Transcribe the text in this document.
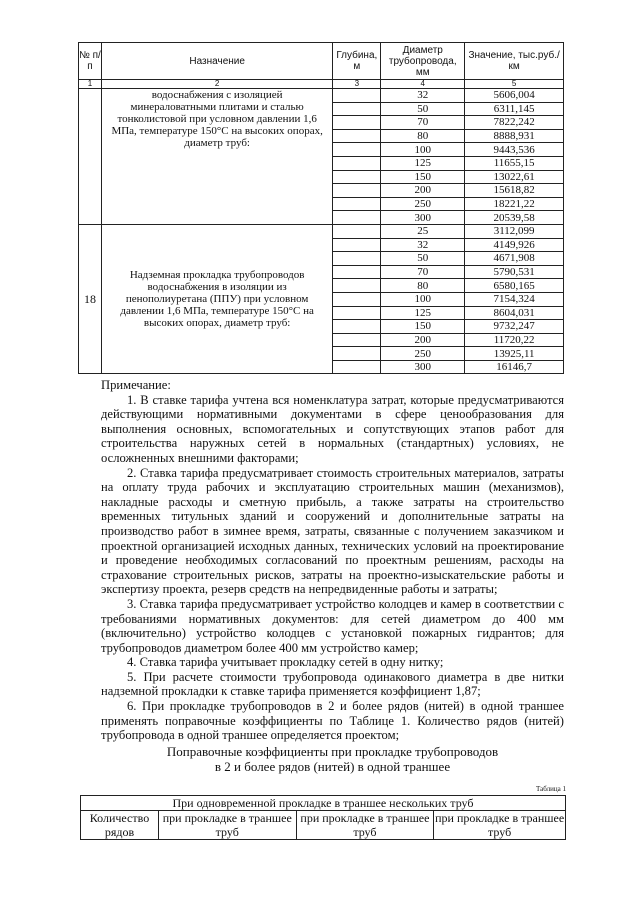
№ п/п	Назначение	Глубина, м	Диаметр трубопровода, мм	Значение, тыс.руб./км
1	2	3	4	5
	водоснабжения с изоляцией минераловатными плитами и сталью тонколистовой при условном давлении 1,6 МПа, температуре 150°С на высоких опорах, диаметр труб:		32	5606,004
			50	6311,145
			70	7822,242
			80	8888,931
			100	9443,536
			125	11655,15
			150	13022,61
			200	15618,82
			250	18221,22
			300	20539,58
18	Надземная прокладка трубопроводов водоснабжения в изоляции из пенополиуретана (ППУ) при условном давлении 1,6 МПа, температуре 150°С на высоких опорах, диаметр труб:		25	3112,099
			32	4149,926
			50	4671,908
			70	5790,531
			80	6580,165
			100	7154,324
			125	8604,031
			150	9732,247
			200	11720,22
			250	13925,11
			300	16146,7

Примечание:

1. В ставке тарифа учтена вся номенклатура затрат, которые предусматриваются действующими нормативными документами в сфере ценообразования для выполнения основных, вспомогательных и сопутствующих этапов работ для строительства наружных сетей в нормальных (стандартных) условиях, не осложненных внешними факторами;

2. Ставка тарифа предусматривает стоимость строительных материалов, затраты на оплату труда рабочих и эксплуатацию строительных машин (механизмов), накладные расходы и сметную прибыль, а также затраты на строительство временных титульных зданий и сооружений и дополнительные затраты на производство работ в зимнее время, затраты, связанные с получением заказчиком и проектной организацией исходных данных, технических условий на проектирование и проведение необходимых согласований по проектным решениям, расходы на страхование строительных рисков, затраты на проектно-изыскательские работы и экспертизу проекта, резерв средств на непредвиденные работы и затраты;

3. Ставка тарифа предусматривает устройство колодцев и камер в соответствии с требованиями нормативных документов: для сетей диаметром до 400 мм (включительно) устройство колодцев с установкой пожарных гидрантов; для трубопроводов диаметром более 400 мм устройство камер;

4. Ставка тарифа учитывает прокладку сетей в одну нитку;

5. При расчете стоимости трубопровода одинакового диаметра в две нитки надземной прокладки к ставке тарифа применяется коэффициент 1,87;

6. При прокладке трубопроводов в 2 и более рядов (нитей) в одной траншее применять поправочные коэффициенты по Таблице 1. Количество рядов (нитей) трубопровода в одной траншее определяется проектом;

Поправочные коэффициенты при прокладке трубопроводов
в 2 и более рядов (нитей) в одной траншее
Таблица 1
При одновременной прокладке в траншее нескольких труб
Количество рядов	при прокладке в траншее труб	при прокладке в траншее труб	при прокладке в траншее труб
